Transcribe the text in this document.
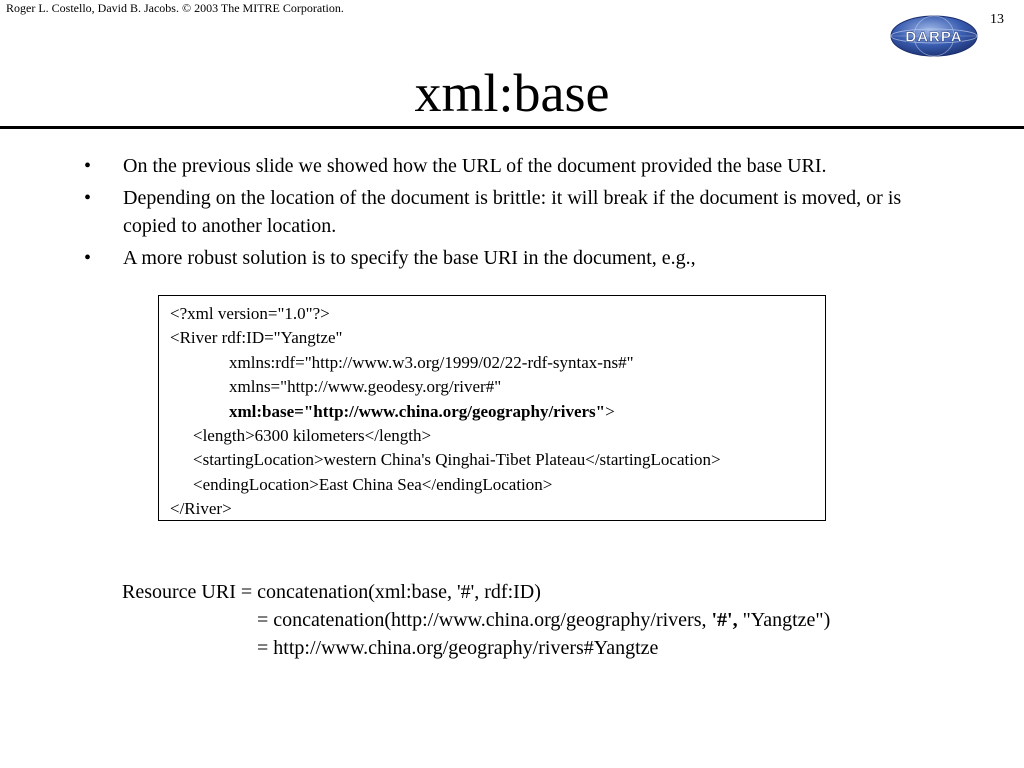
Roger L. Costello, David B. Jacobs. © 2003 The MITRE Corporation.
13
DARPA
xml:base
• On the previous slide we showed how the URL of the document provided the base URI.
• Depending on the location of the document is brittle: it will break if the document is moved, or is copied to another location.
• A more robust solution is to specify the base URI in the document, e.g.,
<?xml version="1.0"?>
<River rdf:ID="Yangtze"
xmlns:rdf="http://www.w3.org/1999/02/22-rdf-syntax-ns#"
xmlns="http://www.geodesy.org/river#"
xml:base="http://www.china.org/geography/rivers">
<length>6300 kilometers</length>
<startingLocation>western China's Qinghai-Tibet Plateau</startingLocation>
<endingLocation>East China Sea</endingLocation>
</River>
Resource URI = concatenation(xml:base, '#', rdf:ID)
= concatenation(http://www.china.org/geography/rivers, '#', "Yangtze")
= http://www.china.org/geography/rivers#Yangtze
